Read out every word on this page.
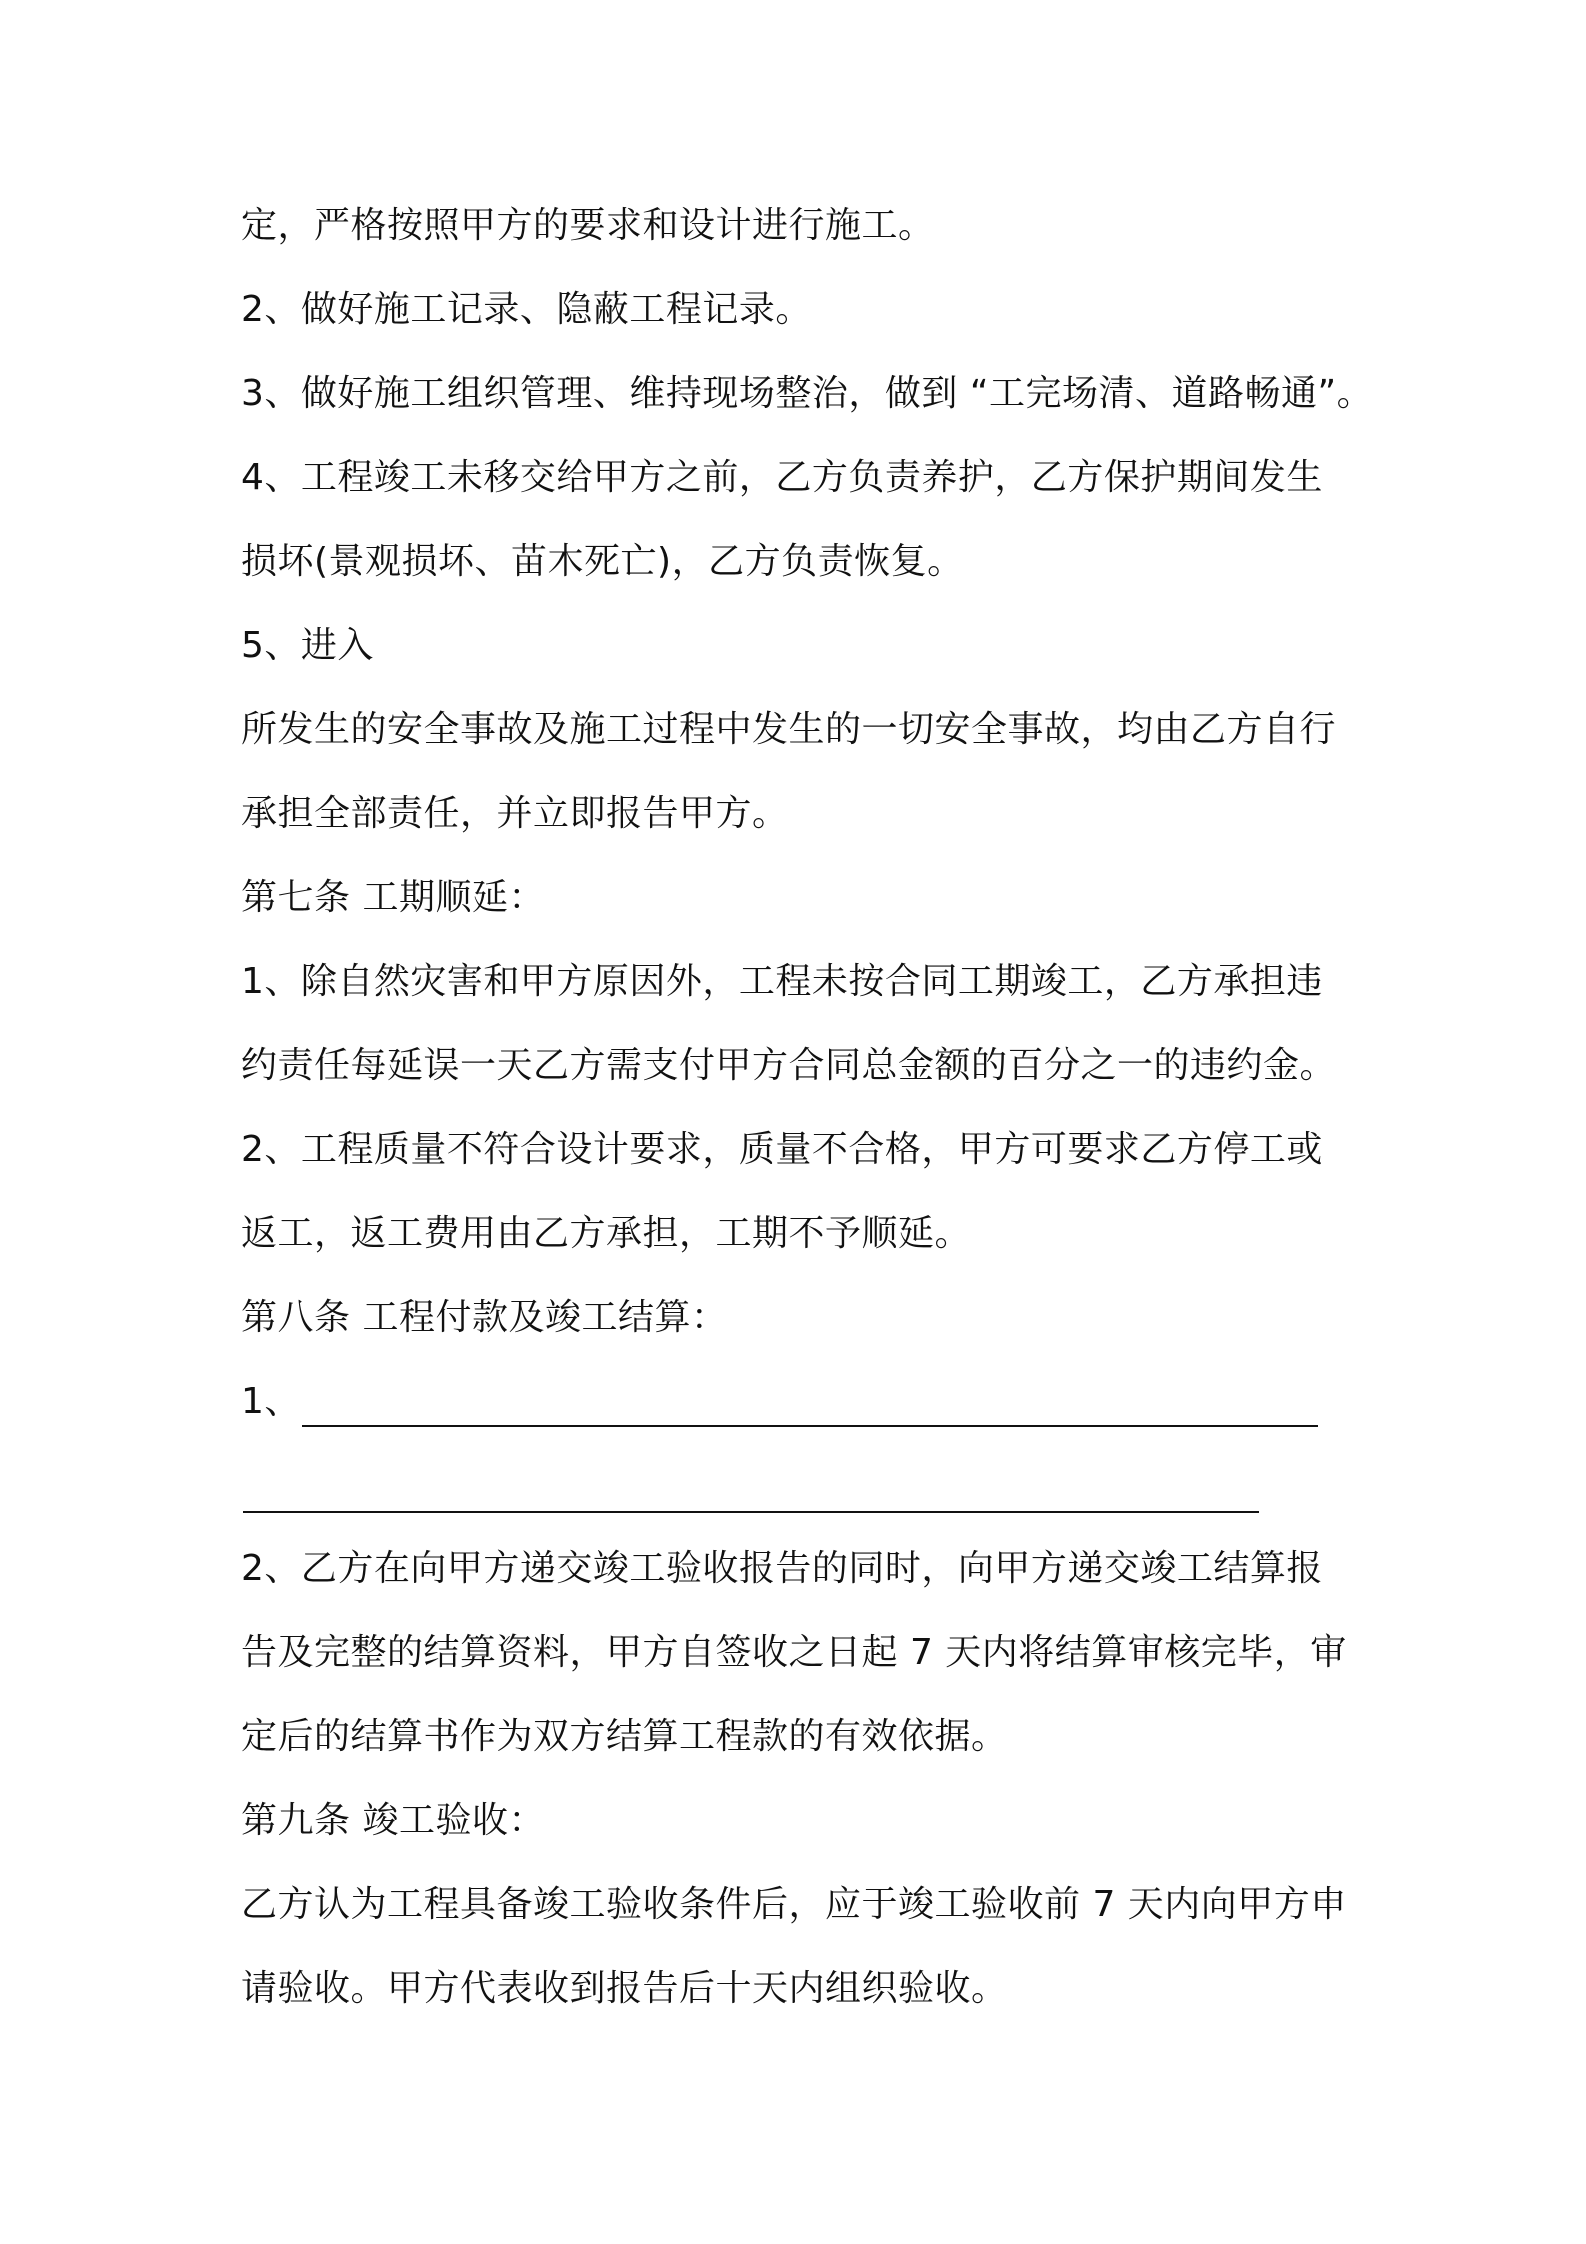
定，严格按照甲方的要求和设计进行施工。
2、做好施工记录、隐蔽工程记录。
3、做好施工组织管理、维持现场整治，做到 “工完场清、道路畅通”。
4、工程竣工未移交给甲方之前，乙方负责养护，乙方保护期间发生
损坏(景观损坏、苗木死亡)，乙方负责恢复。
5、进入
所发生的安全事故及施工过程中发生的一切安全事故，均由乙方自行
承担全部责任，并立即报告甲方。
第七条 工期顺延：
1、除自然灾害和甲方原因外，工程未按合同工期竣工，乙方承担违
约责任每延误一天乙方需支付甲方合同总金额的百分之一的违约金。
2、工程质量不符合设计要求，质量不合格，甲方可要求乙方停工或
返工，返工费用由乙方承担，工期不予顺延。
第八条 工程付款及竣工结算：
1、
2、乙方在向甲方递交竣工验收报告的同时，向甲方递交竣工结算报
告及完整的结算资料，甲方自签收之日起 7 天内将结算审核完毕，审
定后的结算书作为双方结算工程款的有效依据。
第九条 竣工验收：
乙方认为工程具备竣工验收条件后，应于竣工验收前 7 天内向甲方申
请验收。甲方代表收到报告后十天内组织验收。
